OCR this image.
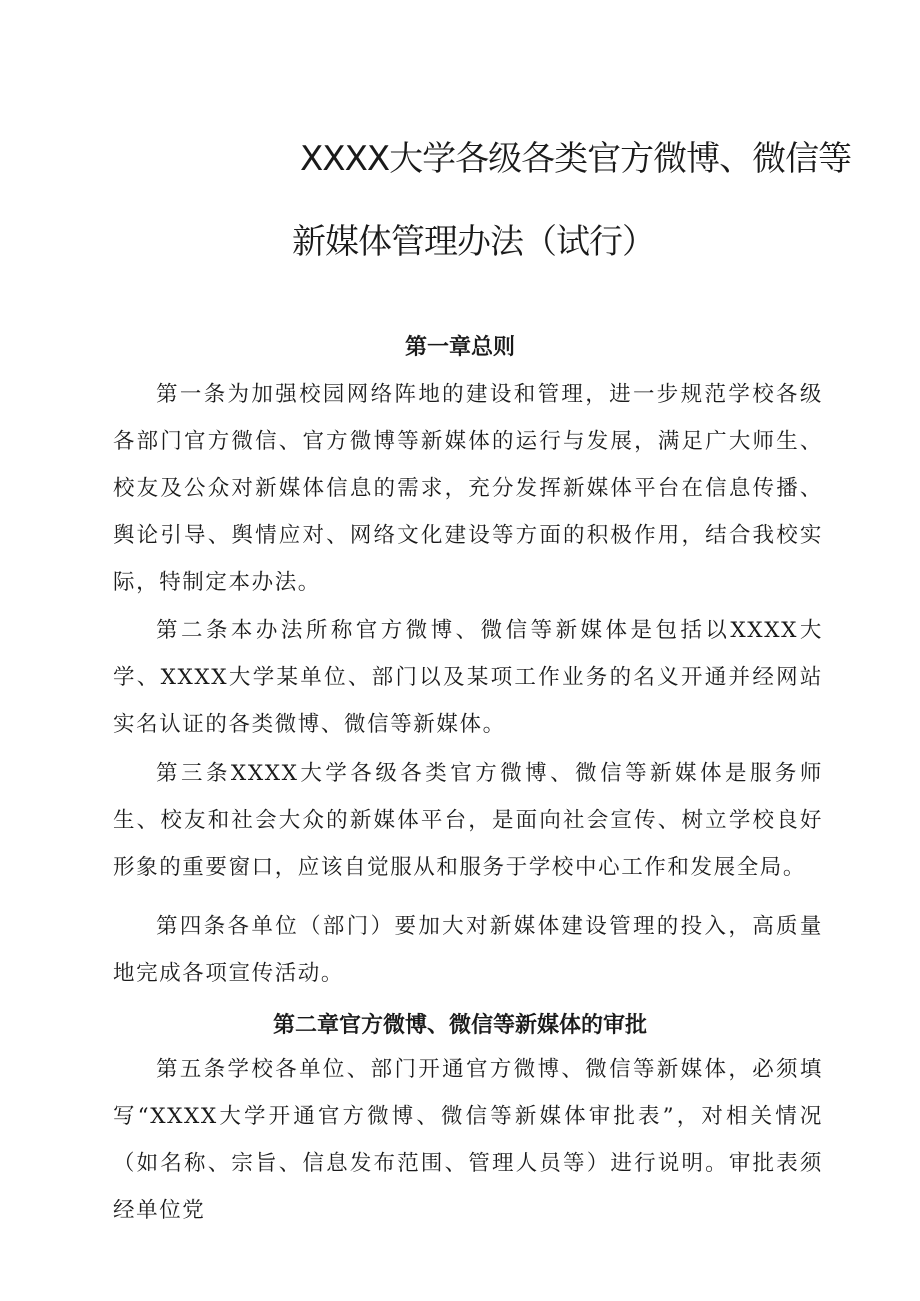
XXXX大学各级各类官方微博、微信等
新媒体管理办法（试行）
第一章总则

第一条为加强校园网络阵地的建设和管理，进一步规范学校各级各部门官方微信、官方微博等新媒体的运行与发展，满足广大师生、校友及公众对新媒体信息的需求，充分发挥新媒体平台在信息传播、舆论引导、舆情应对、网络文化建设等方面的积极作用，结合我校实际，特制定本办法。

第二条本办法所称官方微博、微信等新媒体是包括以XXXX大学、XXXX大学某单位、部门以及某项工作业务的名义开通并经网站实名认证的各类微博、微信等新媒体。

第三条XXXX大学各级各类官方微博、微信等新媒体是服务师生、校友和社会大众的新媒体平台，是面向社会宣传、树立学校良好形象的重要窗口，应该自觉服从和服务于学校中心工作和发展全局。

第四条各单位（部门）要加大对新媒体建设管理的投入，高质量地完成各项宣传活动。

第二章官方微博、微信等新媒体的审批

第五条学校各单位、部门开通官方微博、微信等新媒体，必须填写“XXXX大学开通官方微博、微信等新媒体审批表”，对相关情况（如名称、宗旨、信息发布范围、管理人员等）进行说明。审批表须经单位党
